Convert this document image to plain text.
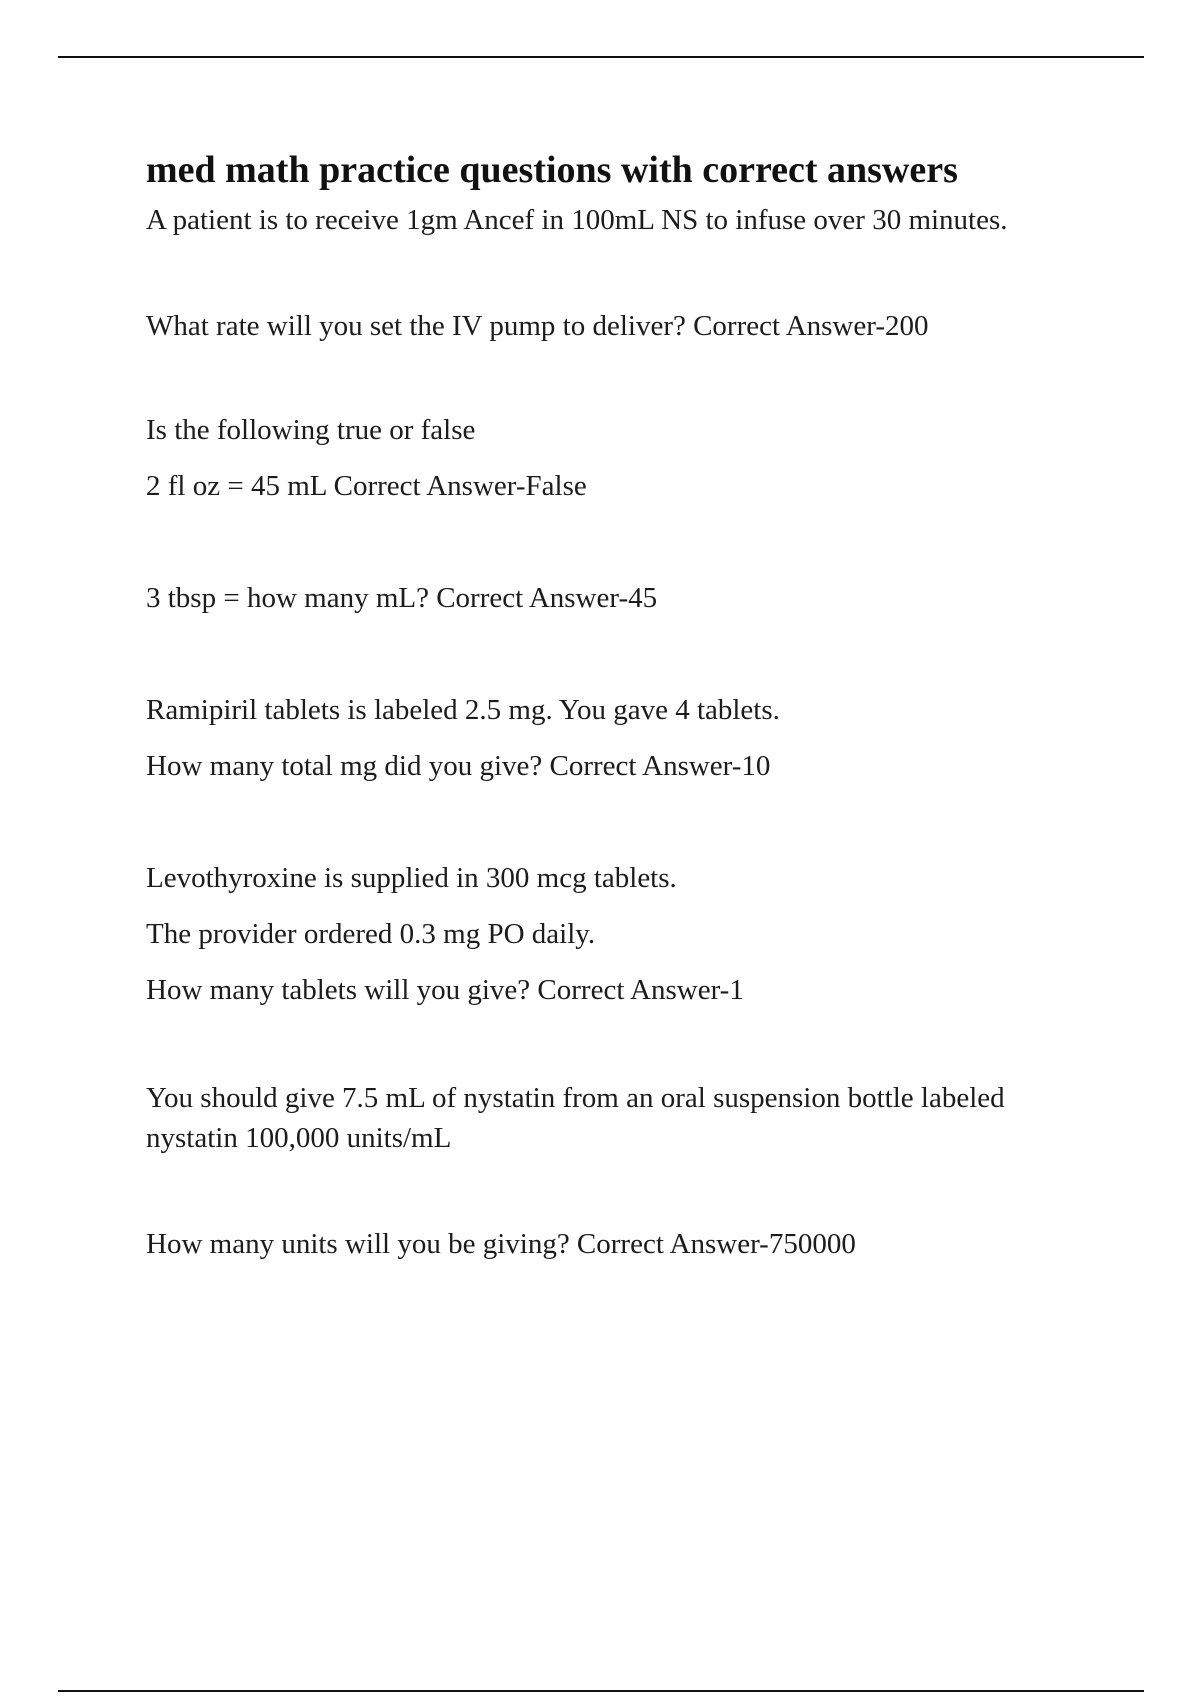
med math practice questions with correct answers

A patient is to receive 1gm Ancef in 100mL NS to infuse over 30 minutes.

What rate will you set the IV pump to deliver? Correct Answer-200
Is the following true or false
2 fl oz = 45 mL Correct Answer-False
3 tbsp = how many mL? Correct Answer-45
Ramipiril tablets is labeled 2.5 mg. You gave 4 tablets.
How many total mg did you give? Correct Answer-10
Levothyroxine is supplied in 300 mcg tablets.
The provider ordered 0.3 mg PO daily.
How many tablets will you give? Correct Answer-1

You should give 7.5 mL of nystatin from an oral suspension bottle labeled nystatin 100,000 units/mL

How many units will you be giving? Correct Answer-750000
